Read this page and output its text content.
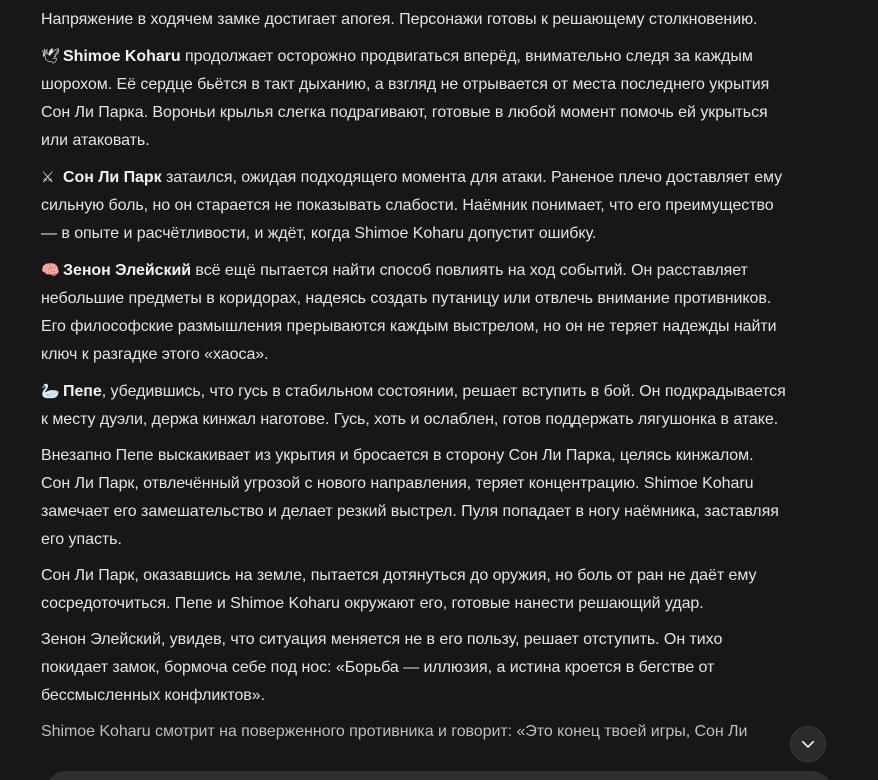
Напряжение в ходячем замке достигает апогея. Персонажи готовы к решающему столкновению.

🕊 Shimoe Koharu продолжает осторожно продвигаться вперёд, внимательно следя за каждым шорохом. Её сердце бьётся в такт дыханию, а взгляд не отрывается от места последнего укрытия Сон Ли Парка. Вороньи крылья слегка подрагивают, готовые в любой момент помочь ей укрыться или атаковать.

⚔ Сон Ли Парк затаился, ожидая подходящего момента для атаки. Раненое плечо доставляет ему сильную боль, но он старается не показывать слабости. Наёмник понимает, что его преимущество — в опыте и расчётливости, и ждёт, когда Shimoe Koharu допустит ошибку.

🧠 Зенон Элейский всё ещё пытается найти способ повлиять на ход событий. Он расставляет небольшие предметы в коридорах, надеясь создать путаницу или отвлечь внимание противников. Его философские размышления прерываются каждым выстрелом, но он не теряет надежды найти ключ к разгадке этого «хаоса».

🦢 Пепе, убедившись, что гусь в стабильном состоянии, решает вступить в бой. Он подкрадывается к месту дуэли, держа кинжал наготове. Гусь, хоть и ослаблен, готов поддержать лягушонка в атаке.

Внезапно Пепе выскакивает из укрытия и бросается в сторону Сон Ли Парка, целясь кинжалом. Сон Ли Парк, отвлечённый угрозой с нового направления, теряет концентрацию. Shimoe Koharu замечает его замешательство и делает резкий выстрел. Пуля попадает в ногу наёмника, заставляя его упасть.

Сон Ли Парк, оказавшись на земле, пытается дотянуться до оружия, но боль от ран не даёт ему сосредоточиться. Пепе и Shimoe Koharu окружают его, готовые нанести решающий удар.

Зенон Элейский, увидев, что ситуация меняется не в его пользу, решает отступить. Он тихо покидает замок, бормоча себе под нос: «Борьба — иллюзия, а истина кроется в бегстве от бессмысленных конфликтов».

Shimoe Koharu смотрит на поверженного противника и говорит: «Это конец твоей игры, Сон Ли
